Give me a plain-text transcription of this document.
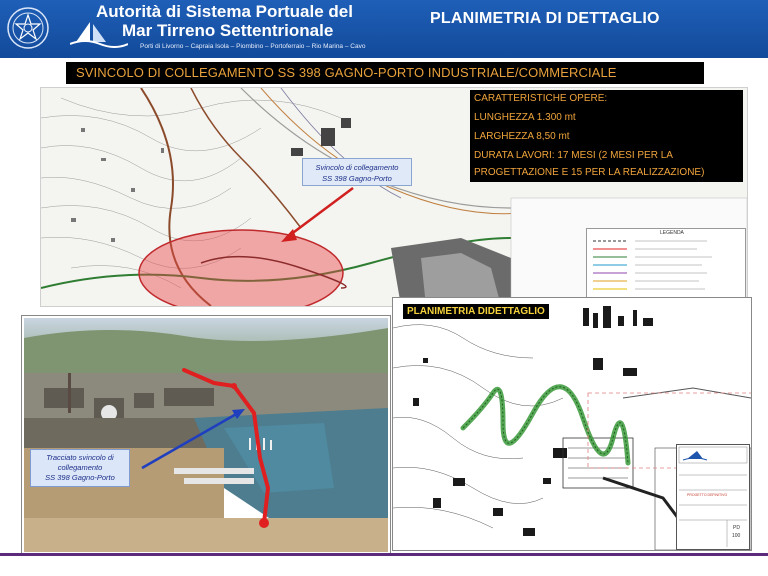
Autorità di Sistema Portuale del
Mar Tirreno Settentrionale
Porti di Livorno – Capraia Isola – Piombino – Portoferraio – Rio Marina – Cavo
PLANIMETRIA DI DETTAGLIO
SVINCOLO DI COLLEGAMENTO SS 398 GAGNO-PORTO INDUSTRIALE/COMMERCIALE
CARATTERISTICHE OPERE:
LUNGHEZZA 1.300 mt
LARGHEZZA 8,50 mt
DURATA LAVORI: 17 MESI (2 MESI PER LA
PROGETTAZIONE E 15 PER LA REALIZZAZIONE)
Svincolo di collegamento
SS 398 Gagno-Porto
LEGENDA
Tracciato svincolo di
collegamento
SS 398 Gagno-Porto
PLANIMETRIA DIDETTAGLIO
PROGETTO DEFINITIVO
PD
100
